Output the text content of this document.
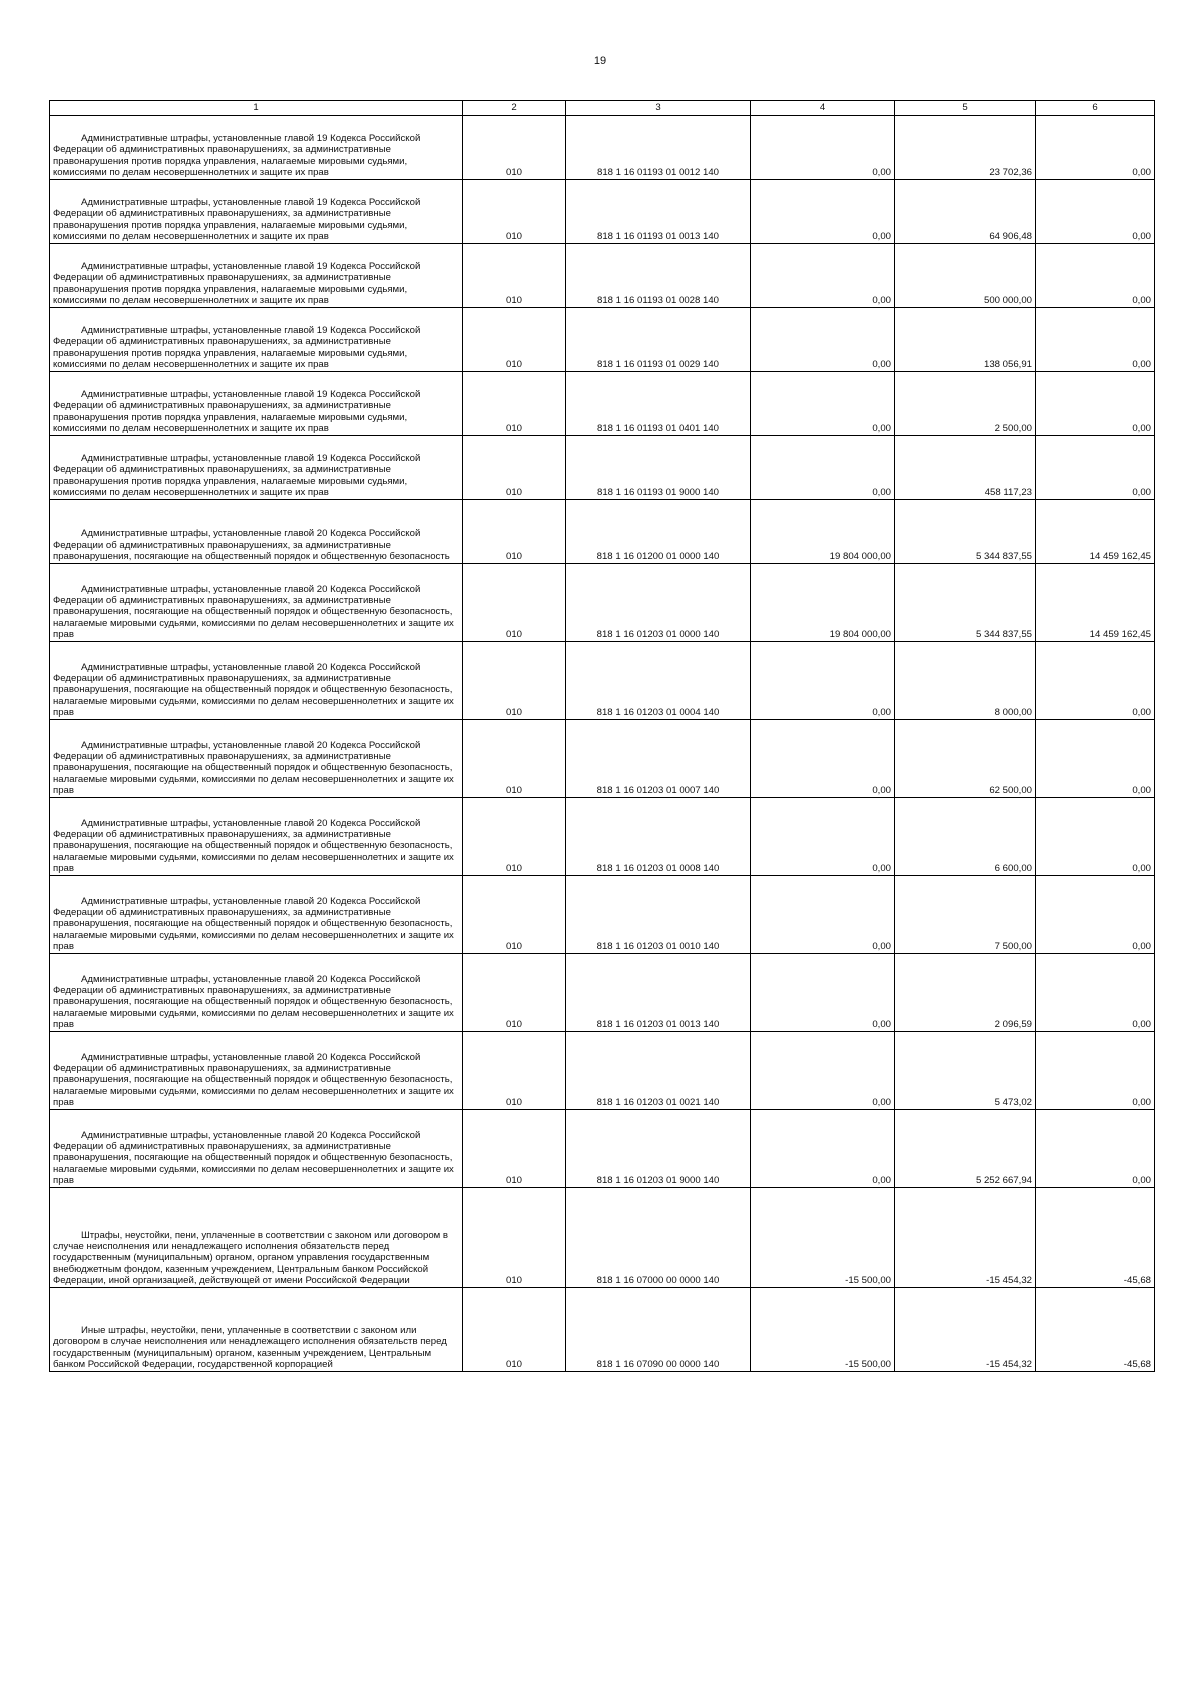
19
1	2	3	4	5	6
Административные штрафы, установленные главой 19 Кодекса Российской Федерации об административных правонарушениях, за административные правонарушения против порядка управления, налагаемые мировыми судьями, комиссиями по делам несовершеннолетних и защите их прав	010	818 1 16 01193 01 0012 140	0,00	23 702,36	0,00
Административные штрафы, установленные главой 19 Кодекса Российской Федерации об административных правонарушениях, за административные правонарушения против порядка управления, налагаемые мировыми судьями, комиссиями по делам несовершеннолетних и защите их прав	010	818 1 16 01193 01 0013 140	0,00	64 906,48	0,00
Административные штрафы, установленные главой 19 Кодекса Российской Федерации об административных правонарушениях, за административные правонарушения против порядка управления, налагаемые мировыми судьями, комиссиями по делам несовершеннолетних и защите их прав	010	818 1 16 01193 01 0028 140	0,00	500 000,00	0,00
Административные штрафы, установленные главой 19 Кодекса Российской Федерации об административных правонарушениях, за административные правонарушения против порядка управления, налагаемые мировыми судьями, комиссиями по делам несовершеннолетних и защите их прав	010	818 1 16 01193 01 0029 140	0,00	138 056,91	0,00
Административные штрафы, установленные главой 19 Кодекса Российской Федерации об административных правонарушениях, за административные правонарушения против порядка управления, налагаемые мировыми судьями, комиссиями по делам несовершеннолетних и защите их прав	010	818 1 16 01193 01 0401 140	0,00	2 500,00	0,00
Административные штрафы, установленные главой 19 Кодекса Российской Федерации об административных правонарушениях, за административные правонарушения против порядка управления, налагаемые мировыми судьями, комиссиями по делам несовершеннолетних и защите их прав	010	818 1 16 01193 01 9000 140	0,00	458 117,23	0,00
Административные штрафы, установленные главой 20 Кодекса Российской Федерации об административных правонарушениях, за административные правонарушения, посягающие на общественный порядок и общественную безопасность	010	818 1 16 01200 01 0000 140	19 804 000,00	5 344 837,55	14 459 162,45
Административные штрафы, установленные главой 20 Кодекса Российской Федерации об административных правонарушениях, за административные правонарушения, посягающие на общественный порядок и общественную безопасность, налагаемые мировыми судьями, комиссиями по делам несовершеннолетних и защите их прав	010	818 1 16 01203 01 0000 140	19 804 000,00	5 344 837,55	14 459 162,45
Административные штрафы, установленные главой 20 Кодекса Российской Федерации об административных правонарушениях, за административные правонарушения, посягающие на общественный порядок и общественную безопасность, налагаемые мировыми судьями, комиссиями по делам несовершеннолетних и защите их прав	010	818 1 16 01203 01 0004 140	0,00	8 000,00	0,00
Административные штрафы, установленные главой 20 Кодекса Российской Федерации об административных правонарушениях, за административные правонарушения, посягающие на общественный порядок и общественную безопасность, налагаемые мировыми судьями, комиссиями по делам несовершеннолетних и защите их прав	010	818 1 16 01203 01 0007 140	0,00	62 500,00	0,00
Административные штрафы, установленные главой 20 Кодекса Российской Федерации об административных правонарушениях, за административные правонарушения, посягающие на общественный порядок и общественную безопасность, налагаемые мировыми судьями, комиссиями по делам несовершеннолетних и защите их прав	010	818 1 16 01203 01 0008 140	0,00	6 600,00	0,00
Административные штрафы, установленные главой 20 Кодекса Российской Федерации об административных правонарушениях, за административные правонарушения, посягающие на общественный порядок и общественную безопасность, налагаемые мировыми судьями, комиссиями по делам несовершеннолетних и защите их прав	010	818 1 16 01203 01 0010 140	0,00	7 500,00	0,00
Административные штрафы, установленные главой 20 Кодекса Российской Федерации об административных правонарушениях, за административные правонарушения, посягающие на общественный порядок и общественную безопасность, налагаемые мировыми судьями, комиссиями по делам несовершеннолетних и защите их прав	010	818 1 16 01203 01 0013 140	0,00	2 096,59	0,00
Административные штрафы, установленные главой 20 Кодекса Российской Федерации об административных правонарушениях, за административные правонарушения, посягающие на общественный порядок и общественную безопасность, налагаемые мировыми судьями, комиссиями по делам несовершеннолетних и защите их прав	010	818 1 16 01203 01 0021 140	0,00	5 473,02	0,00
Административные штрафы, установленные главой 20 Кодекса Российской Федерации об административных правонарушениях, за административные правонарушения, посягающие на общественный порядок и общественную безопасность, налагаемые мировыми судьями, комиссиями по делам несовершеннолетних и защите их прав	010	818 1 16 01203 01 9000 140	0,00	5 252 667,94	0,00
Штрафы, неустойки, пени, уплаченные в соответствии с законом или договором в случае неисполнения или ненадлежащего исполнения обязательств перед государственным (муниципальным) органом, органом управления государственным внебюджетным фондом, казенным учреждением, Центральным банком Российской Федерации, иной организацией, действующей от имени Российской Федерации	010	818 1 16 07000 00 0000 140	-15 500,00	-15 454,32	-45,68
Иные штрафы, неустойки, пени, уплаченные в соответствии с законом или договором в случае неисполнения или ненадлежащего исполнения обязательств перед государственным (муниципальным) органом, казенным учреждением, Центральным банком Российской Федерации, государственной корпорацией	010	818 1 16 07090 00 0000 140	-15 500,00	-15 454,32	-45,68
